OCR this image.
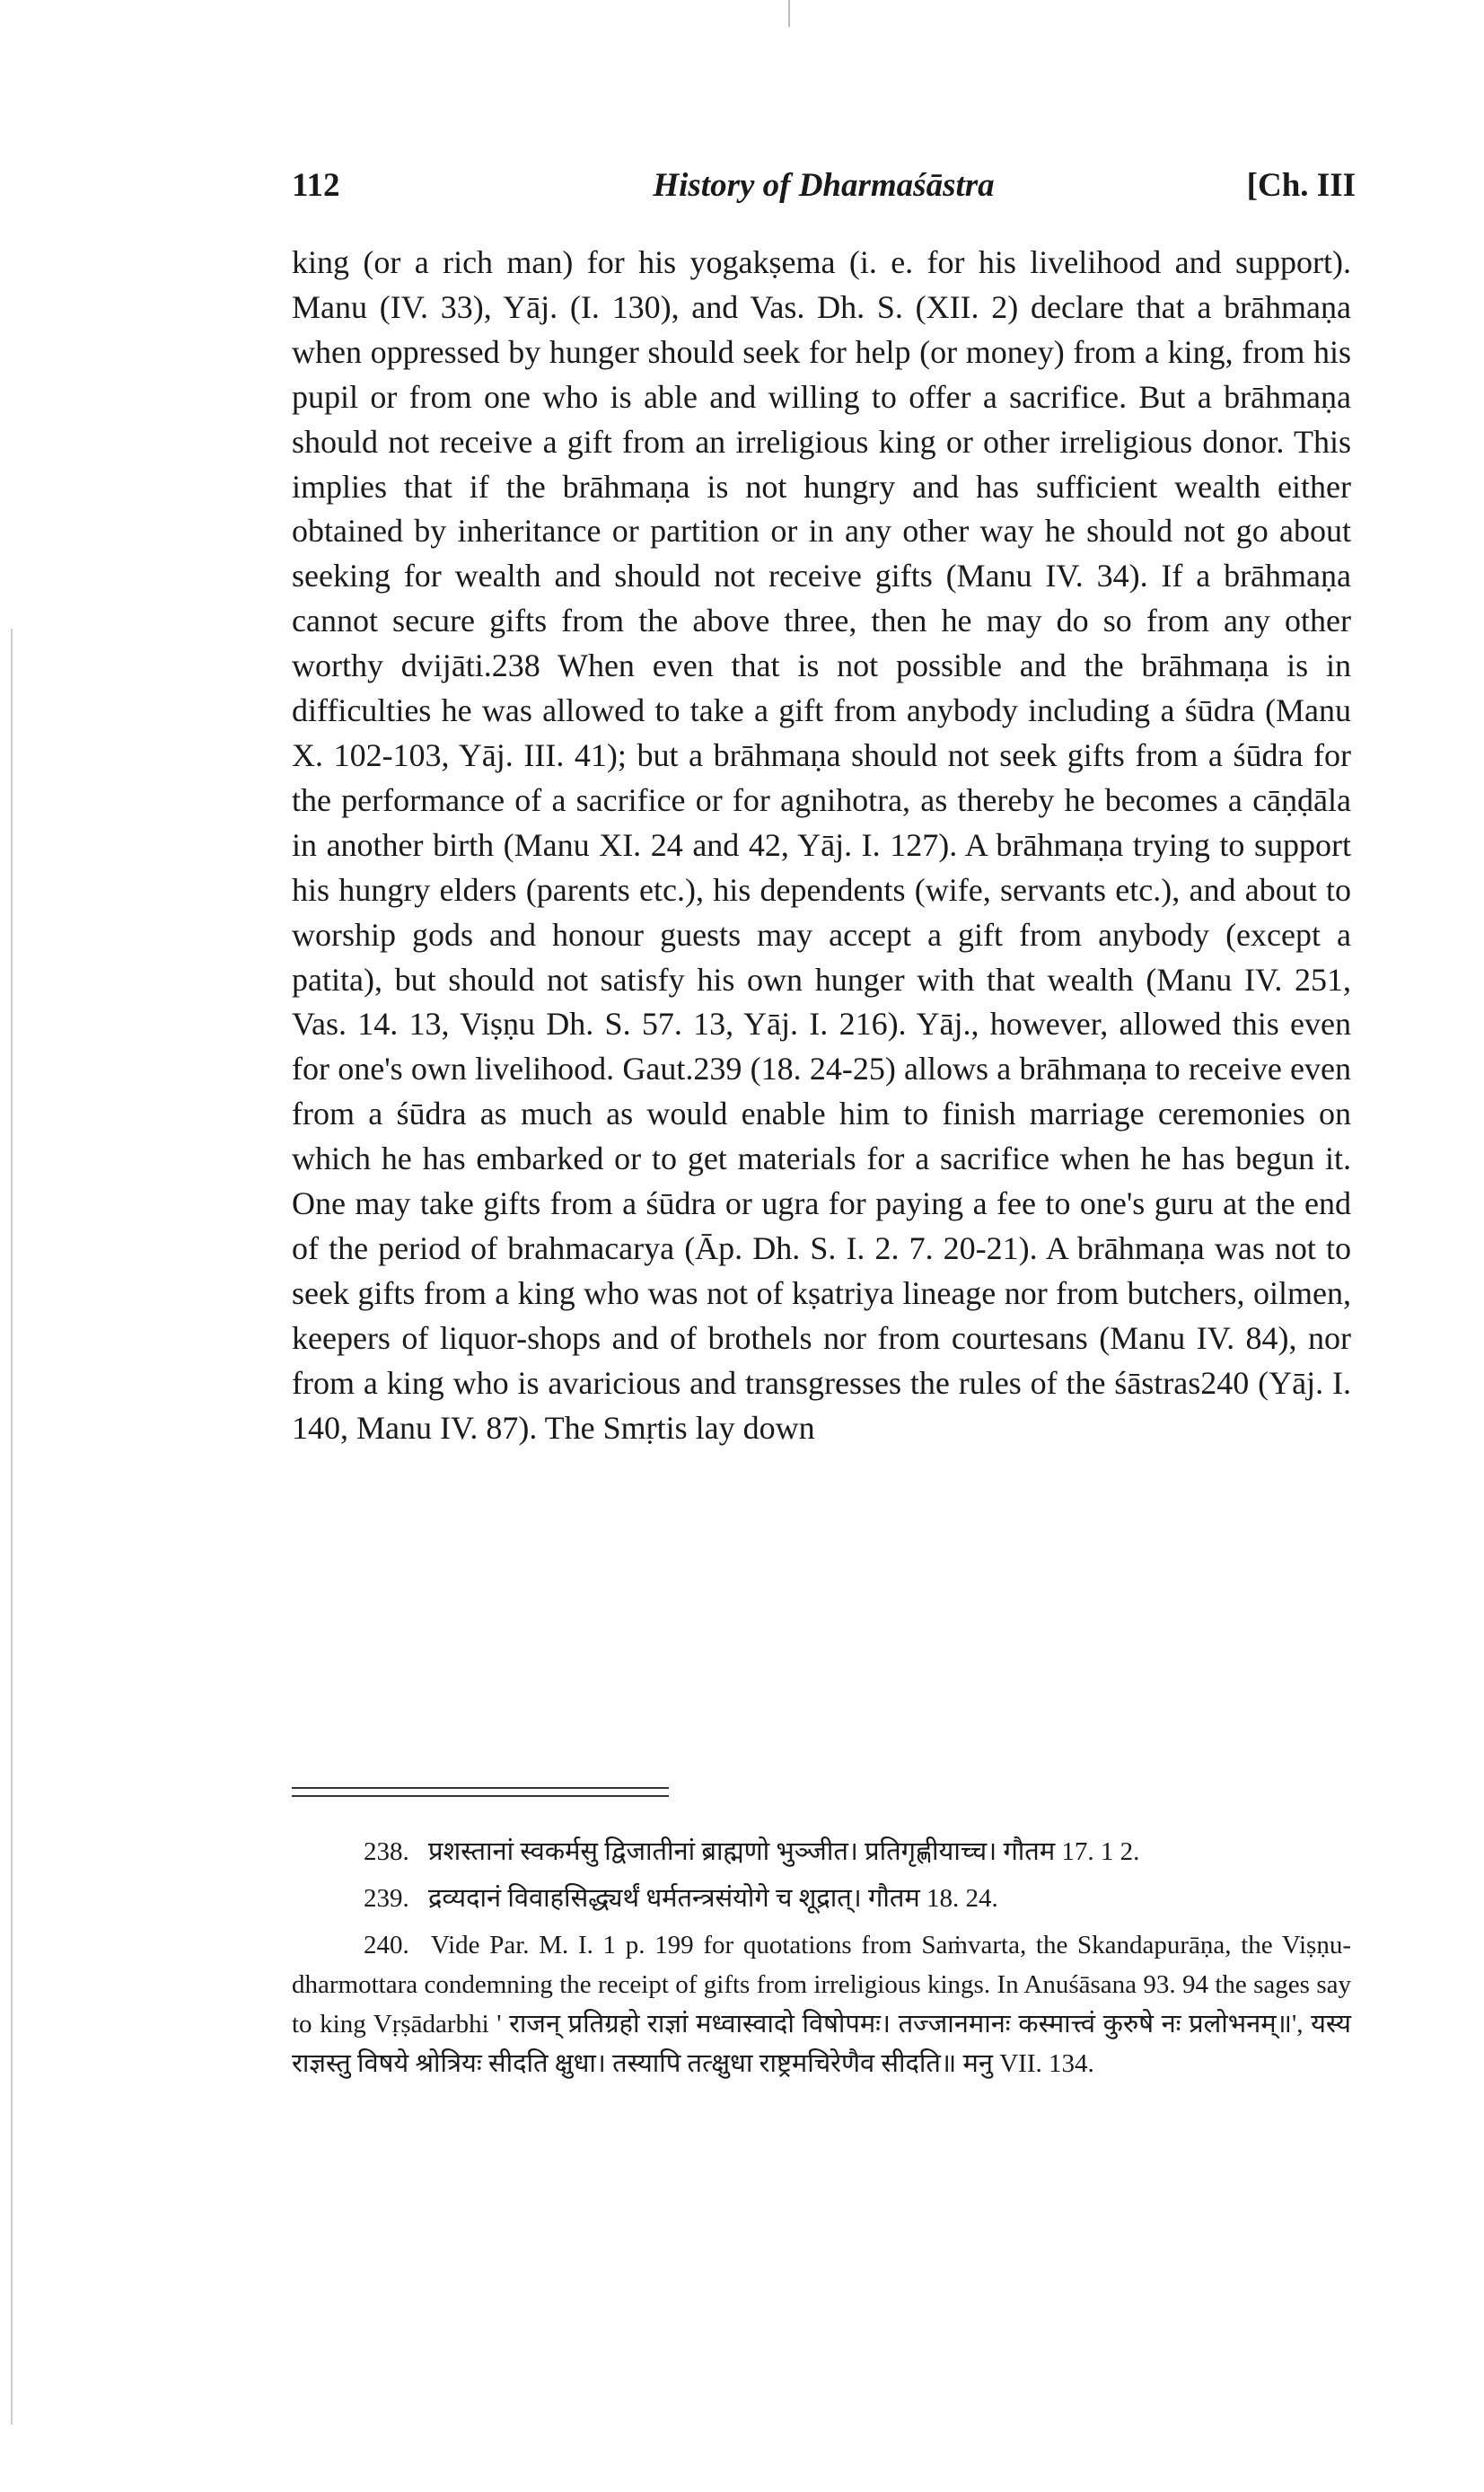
112	History of Dharmaśāstra	[Ch. III

king (or a rich man) for his yogakṣema (i. e. for his livelihood and support). Manu (IV. 33), Yāj. (I. 130), and Vas. Dh. S. (XII. 2) declare that a brāhmaṇa when oppressed by hunger should seek for help (or money) from a king, from his pupil or from one who is able and willing to offer a sacrifice. But a brāhmaṇa should not receive a gift from an irreligious king or other irreligious donor. This implies that if the brāhmaṇa is not hungry and has sufficient wealth either obtained by inheritance or partition or in any other way he should not go about seeking for wealth and should not receive gifts (Manu IV. 34). If a brāhmaṇa cannot secure gifts from the above three, then he may do so from any other worthy dvijāti.238 When even that is not possible and the brāhmaṇa is in difficulties he was allowed to take a gift from anybody including a śūdra (Manu X. 102-103, Yāj. III. 41); but a brāhmaṇa should not seek gifts from a śūdra for the performance of a sacrifice or for agnihotra, as thereby he becomes a cāṇḍāla in another birth (Manu XI. 24 and 42, Yāj. I. 127). A brāhmaṇa trying to support his hungry elders (parents etc.), his dependents (wife, servants etc.), and about to worship gods and honour guests may accept a gift from anybody (except a patita), but should not satisfy his own hunger with that wealth (Manu IV. 251, Vas. 14. 13, Viṣṇu Dh. S. 57. 13, Yāj. I. 216). Yāj., however, allowed this even for one's own livelihood. Gaut.239 (18. 24-25) allows a brāhmaṇa to receive even from a śūdra as much as would enable him to finish marriage ceremonies on which he has embarked or to get materials for a sacrifice when he has begun it. One may take gifts from a śūdra or ugra for paying a fee to one's guru at the end of the period of brahmacarya (Āp. Dh. S. I. 2. 7. 20-21). A brāhmaṇa was not to seek gifts from a king who was not of kṣatriya lineage nor from butchers, oilmen, keepers of liquor-shops and of brothels nor from courtesans (Manu IV. 84), nor from a king who is avaricious and transgresses the rules of the śāstras240 (Yāj. I. 140, Manu IV. 87). The Smṛtis lay down

238. प्रशस्तानां स्वकर्मसु द्विजातीनां ब्राह्मणो भुञ्जीत। प्रतिगृह्णीयाच्च। गौतम 17. 1 2.

239. द्रव्यदानं विवाहसिद्ध्यर्थं धर्मतन्त्रसंयोगे च शूद्रात्। गौतम 18. 24.

240. Vide Par. M. I. 1 p. 199 for quotations from Saṁvarta, the Skandapurāṇa, the Viṣṇu-dharmottara condemning the receipt of gifts from irreligious kings. In Anuśāsana 93. 94 the sages say to king Vṛṣādarbhi ' राजन् प्रतिग्रहो राज्ञां मध्वास्वादो विषोपमः। तज्जानमानः कस्मात्त्वं कुरुषे नः प्रलोभनम्॥', यस्य राज्ञस्तु विषये श्रोत्रियः सीदति क्षुधा। तस्यापि तत्क्षुधा राष्ट्रमचिरेणैव सीदति॥ मनु VII. 134.
